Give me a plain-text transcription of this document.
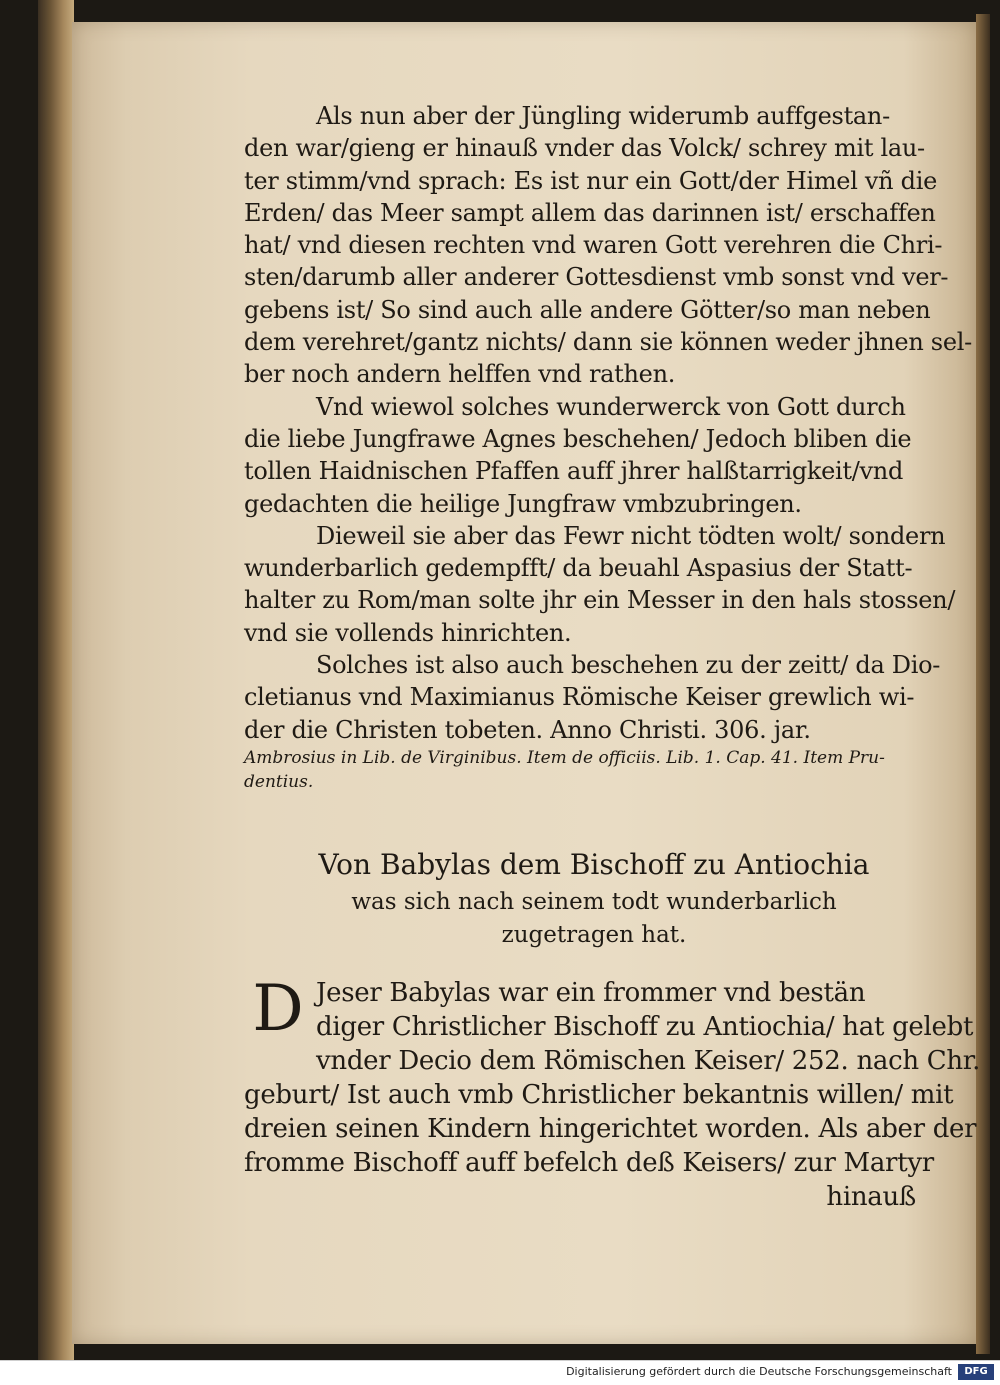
Als nun aber der Jüngling widerumb auffgestan-
den war/gieng er hinauß vnder das Volck/ schrey mit lau-
ter stimm/vnd sprach: Es ist nur ein Gott/der Himel vñ die
Erden/ das Meer sampt allem das darinnen ist/ erschaffen
hat/ vnd diesen rechten vnd waren Gott verehren die Chri-
sten/darumb aller anderer Gottesdienst vmb sonst vnd ver-
gebens ist/ So sind auch alle andere Götter/so man neben
dem verehret/gantz nichts/ dann sie können weder jhnen sel-
ber noch andern helffen vnd rathen.
Vnd wiewol solches wunderwerck von Gott durch
die liebe Jungfrawe Agnes beschehen/ Jedoch bliben die
tollen Haidnischen Pfaffen auff jhrer halßtarrigkeit/vnd
gedachten die heilige Jungfraw vmbzubringen.
Dieweil sie aber das Fewr nicht tödten wolt/ sondern
wunderbarlich gedempfft/ da beuahl Aspasius der Statt-
halter zu Rom/man solte jhr ein Messer in den hals stossen/
vnd sie vollends hinrichten.
Solches ist also auch beschehen zu der zeitt/ da Dio-
cletianus vnd Maximianus Römische Keiser grewlich wi-
der die Christen tobeten. Anno Christi. 306. jar.
Ambrosius in Lib. de Virginibus. Item de officiis. Lib. 1. Cap. 41. Item Pru-
dentius.
Von Babylas dem Bischoff zu Antiochia
was sich nach seinem todt wunderbarlich
zugetragen hat.
D Jeser Babylas war ein frommer vnd bestän
diger Christlicher Bischoff zu Antiochia/ hat gelebt
vnder Decio dem Römischen Keiser/ 252. nach Chr.
geburt/ Ist auch vmb Christlicher bekantnis willen/ mit
dreien seinen Kindern hingerichtet worden. Als aber der
fromme Bischoff auff befelch deß Keisers/ zur Martyr
hinauß
Digitalisierung gefördert durch die Deutsche Forschungsgemeinschaft	DFG
